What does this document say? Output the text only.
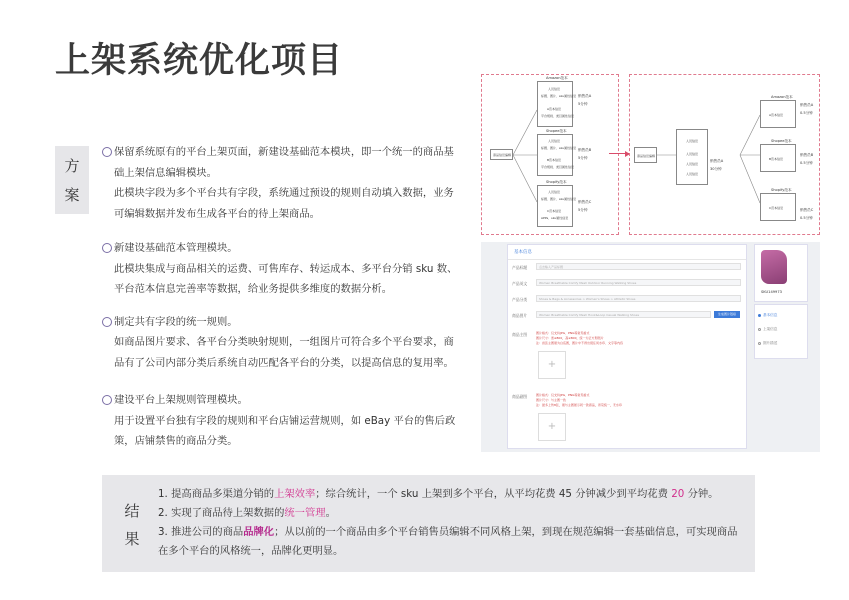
上架系统优化项目
方
案
保留系统原有的平台上架页面，新建设基础范本模块，即一个统一的商品基础上架信息编辑模块。
此模块字段为多个平台共有字段，系统通过预设的规则自动填入数据，业务可编辑数据并发布生成各平台的待上架商品。
新建设基础范本管理模块。
此模块集成与商品相关的运费、可售库存、转运成本、多平台分销 sku 数、平台范本信息完善率等数据，给业务提供多维度的数据分析。
制定共有字段的统一规则。
如商品图片要求、各平台分类映射规则，一组图片可符合多个平台要求，商品有了公司内部分类后系统自动匹配各平台的分类，以提高信息的复用率。
建设平台上架规则管理模块。
用于设置平台独有字段的规则和平台店铺运营规则，如 eBay 平台的售后政策，店铺禁售的商品分类。
商品信息编辑
Amazon范本
人员信息
标题、图片、sku属性信息
A范本信息
平台规则、类目属性信息
销售员A
5分钟
Shopee范本
人员信息
标题、图片、sku属性信息
B范本信息
平台规则、类目属性信息
销售员B
5分钟
Shopify范本
人员信息
标题、图片、sku属性信息
C范本信息
APPs、sku属性信息
销售员C
5分钟
商品信息编辑
人员信息
人员信息
人员信息
人员信息
销售员A
30分钟
Amazon范本
A范本信息
销售员A
0.5分钟
Shopee范本
B范本信息
销售员B
0.5分钟
Shopify范本
C范本信息	销售员C
0.5分钟
基本信息
产品标题	点击输入产品标题
产品英文	Women Breathable Comfy Mesh Outdoor Running Walking Shoes
产品分类	Shoes & Bags & Accessories > Women's Shoes > Athletic Shoes
商品图片	Women Breathable Comfy Mesh Hook&Loop Casual Walking Shoes	生成图片链接
商品主图	图片格式：仅支持JPG、PNG等常见格式
图片尺寸：宽≥800，高≥800，统一为正方形图片
注：首张主图须为白底图，图片中不得出现任何水印、文字等内容
+
商品副图	图片格式：仅支持JPG、PNG等常见格式
图片尺寸：与主图一致
注：最多上传8张，须与主图展示同一款商品，背景统一，无水印
+
SKU149973
基本信息
上架信息
图片描述
结
果
1. 提高商品多渠道分销的上架效率；综合统计，一个 sku 上架到多个平台，从平均花费 45 分钟减少到平均花费 20 分钟。
2. 实现了商品待上架数据的统一管理。
3. 推进公司的商品品牌化；从以前的一个商品由多个平台销售员编辑不同风格上架，到现在规范编辑一套基础信息，可实现商品在多个平台的风格统一，品牌化更明显。
